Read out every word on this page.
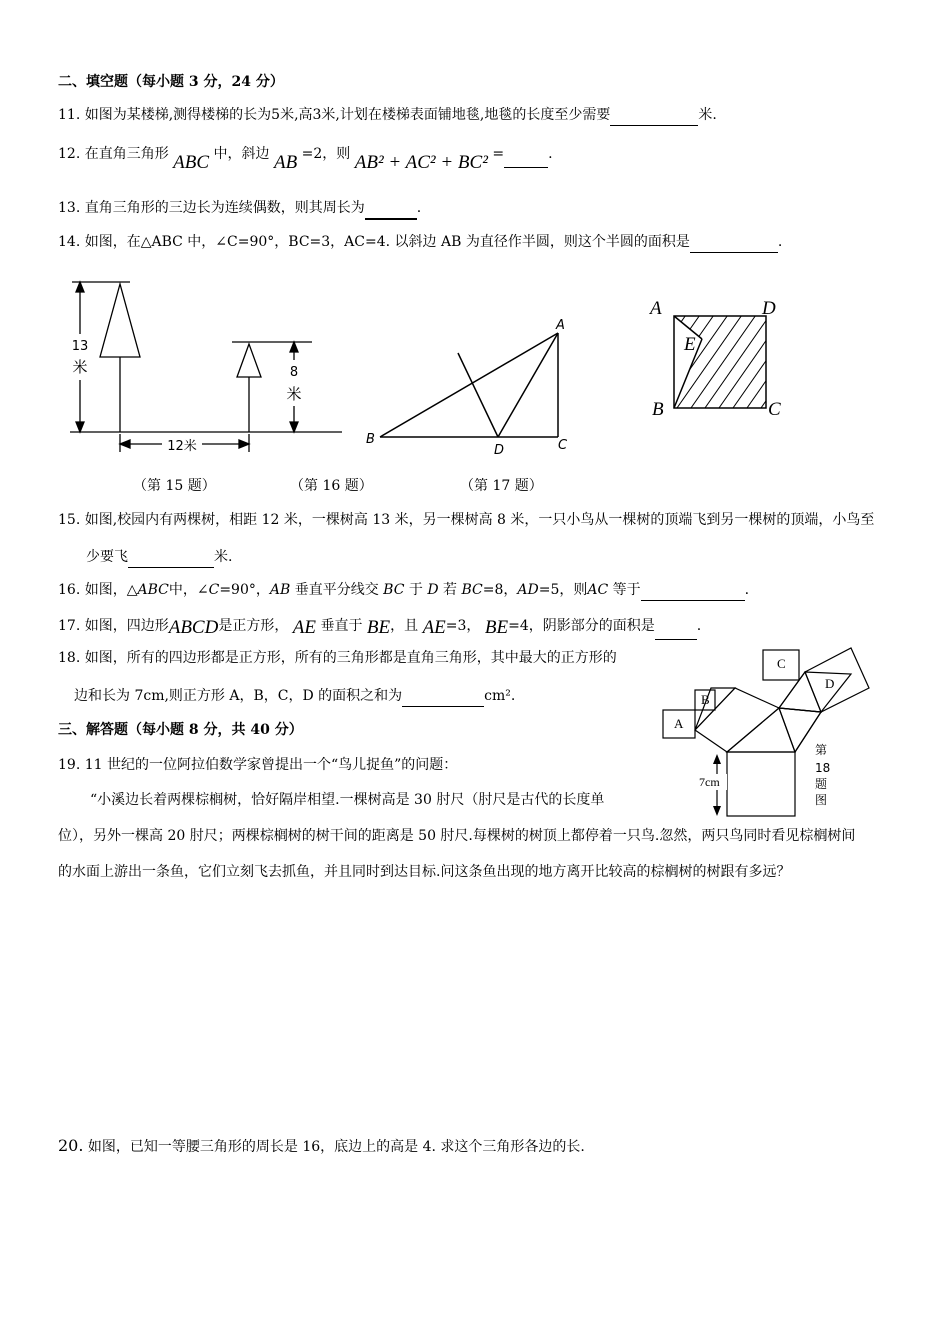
二、填空题（每小题 3 分，24 分）
11. 如图为某楼梯,测得楼梯的长为5米,高3米,计划在楼梯表面铺地毯,地毯的长度至少需要	米.
12. 在直角三角形 ABC 中，斜边 AB =2，则 AB² + AC² + BC² =	.
13. 直角三角形的三边长为连续偶数，则其周长为	.
14. 如图，在△ABC 中，∠C=90°，BC=3，AC=4. 以斜边 AB 为直径作半圆，则这个半圆的面积是	.
13
米	8
米
12米
（第 15 题）	（第 16 题）
A
B	C
D
（第 17 题）
A	D
E
B	C
15. 如图,校园内有两棵树，相距 12 米，一棵树高 13 米，另一棵树高 8 米，一只小鸟从一棵树的顶端飞到另一棵树的顶端，小鸟至
少要飞	米.
16. 如图，△ABC中，∠C=90°，AB 垂直平分线交 BC 于 D 若 BC=8，AD=5，则AC 等于	.
17. 如图，四边形ABCD是正方形， AE 垂直于 BE，且 AE=3， BE=4，阴影部分的面积是	.
18. 如图，所有的四边形都是正方形，所有的三角形都是直角三角形，其中最大的正方形的
边和长为 7cm,则正方形 A，B，C，D 的面积之和为	cm².
7cm
A
B
C
D
第
18
题
图
三、解答题（每小题 8 分，共 40 分）
19. 11 世纪的一位阿拉伯数学家曾提出一个“鸟儿捉鱼”的问题：
“小溪边长着两棵棕榈树，恰好隔岸相望.一棵树高是 30 肘尺（肘尺是古代的长度单
位），另外一棵高 20 肘尺；两棵棕榈树的树干间的距离是 50 肘尺.每棵树的树顶上都停着一只鸟.忽然，两只鸟同时看见棕榈树间
的水面上游出一条鱼，它们立刻飞去抓鱼，并且同时到达目标.问这条鱼出现的地方离开比较高的棕榈树的树跟有多远？
20. 如图，已知一等腰三角形的周长是 16，底边上的高是 4. 求这个三角形各边的长.
